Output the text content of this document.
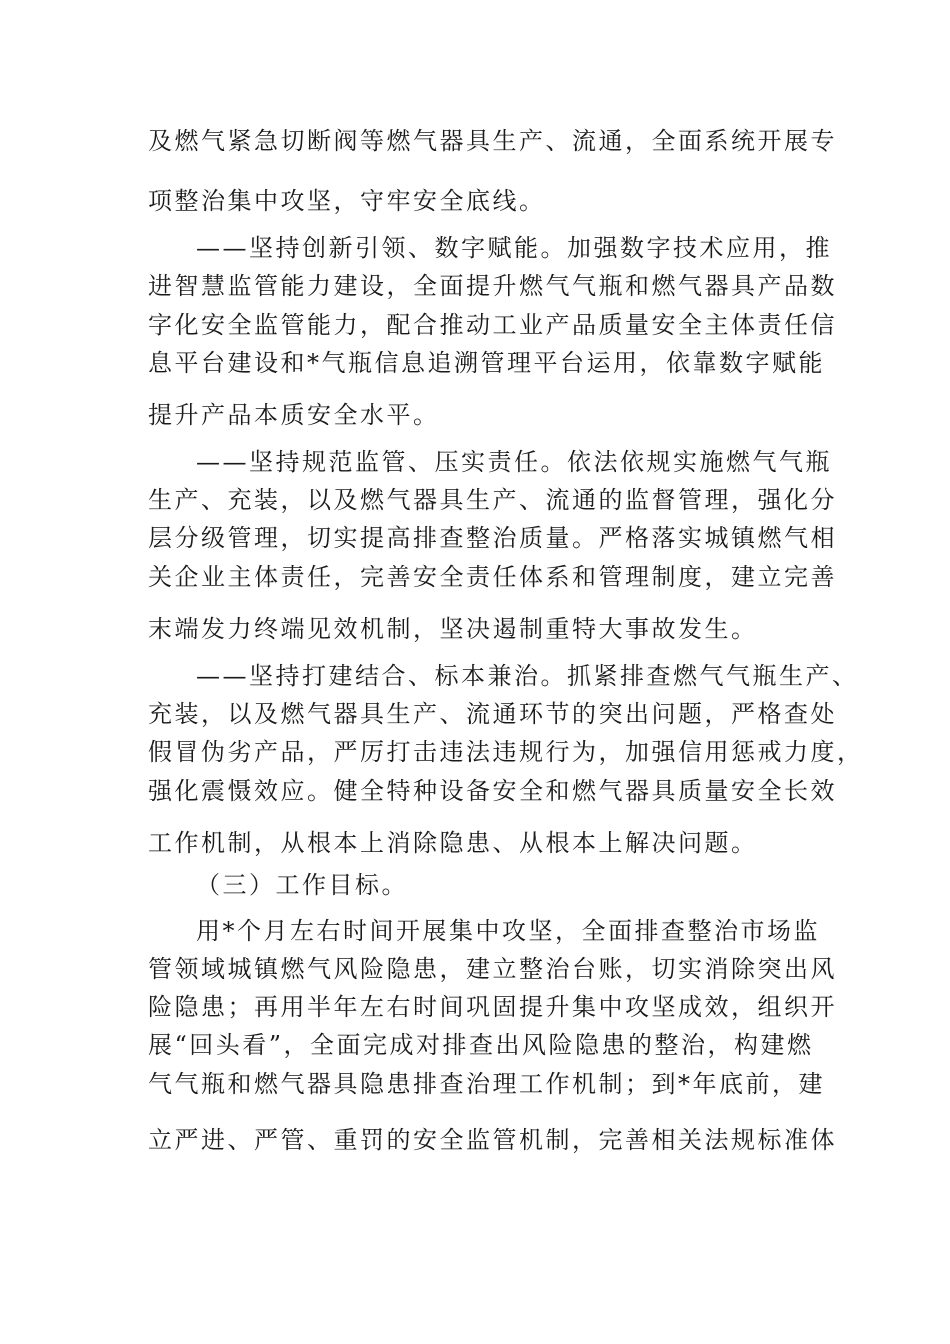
及燃气紧急切断阀等燃气器具生产、流通，全面系统开展专
项整治集中攻坚，守牢安全底线。
——坚持创新引领、数字赋能。加强数字技术应用，推
进智慧监管能力建设，全面提升燃气气瓶和燃气器具产品数
字化安全监管能力，配合推动工业产品质量安全主体责任信
息平台建设和*气瓶信息追溯管理平台运用，依靠数字赋能
提升产品本质安全水平。
——坚持规范监管、压实责任。依法依规实施燃气气瓶
生产、充装，以及燃气器具生产、流通的监督管理，强化分
层分级管理，切实提高排查整治质量。严格落实城镇燃气相
关企业主体责任，完善安全责任体系和管理制度，建立完善
末端发力终端见效机制，坚决遏制重特大事故发生。
——坚持打建结合、标本兼治。抓紧排查燃气气瓶生产、
充装，以及燃气器具生产、流通环节的突出问题，严格查处
假冒伪劣产品，严厉打击违法违规行为，加强信用惩戒力度，
强化震慑效应。健全特种设备安全和燃气器具质量安全长效
工作机制，从根本上消除隐患、从根本上解决问题。
（三）工作目标。
用*个月左右时间开展集中攻坚，全面排查整治市场监
管领域城镇燃气风险隐患，建立整治台账，切实消除突出风
险隐患；再用半年左右时间巩固提升集中攻坚成效，组织开
展“回头看”，全面完成对排查出风险隐患的整治，构建燃
气气瓶和燃气器具隐患排查治理工作机制；到*年底前，建
立严进、严管、重罚的安全监管机制，完善相关法规标准体
